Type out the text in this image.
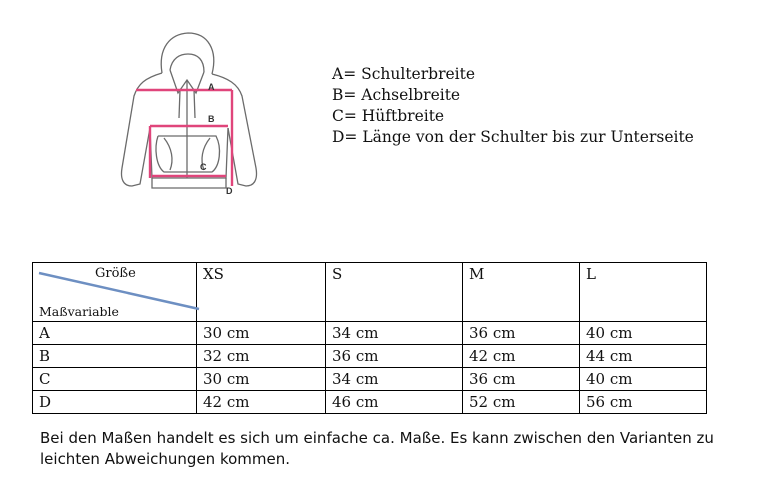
A
B
C
D
A= Schulterbreite
B= Achselbreite
C= Hüftbreite
D= Länge von der Schulter bis zur Unterseite
Größe
Maßvariable	XS	S	M	L
A	30 cm	34 cm	36 cm	40 cm
B	32 cm	36 cm	42 cm	44 cm
C	30 cm	34 cm	36 cm	40 cm
D	42 cm	46 cm	52 cm	56 cm
Bei den Maßen handelt es sich um einfache ca. Maße. Es kann zwischen den Varianten zu leichten Abweichungen kommen.
